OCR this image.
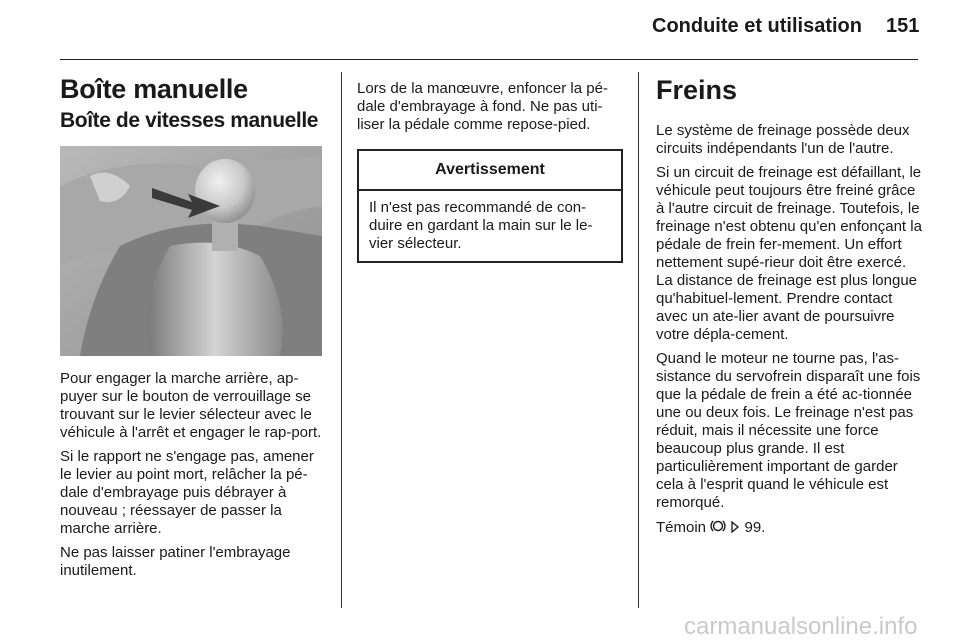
Conduite et utilisation 151
Boîte manuelle
Boîte de vitesses manuelle

Pour engager la marche arrière, ap-puyer sur le bouton de verrouillage se trouvant sur le levier sélecteur avec le véhicule à l'arrêt et engager le rap-port.

Si le rapport ne s'engage pas, amener le levier au point mort, relâcher la pé-dale d'embrayage puis débrayer à nouveau ; réessayer de passer la marche arrière.

Ne pas laisser patiner l'embrayage inutilement.

Lors de la manœuvre, enfoncer la pé-dale d'embrayage à fond. Ne pas uti-liser la pédale comme repose-pied.

Avertissement
Il n'est pas recommandé de con-duire en gardant la main sur le le-vier sélecteur.
Freins

Le système de freinage possède deux circuits indépendants l'un de l'autre.

Si un circuit de freinage est défaillant, le véhicule peut toujours être freiné grâce à l'autre circuit de freinage. Toutefois, le freinage n'est obtenu qu'en enfonçant la pédale de frein fer-mement. Un effort nettement supé-rieur doit être exercé. La distance de freinage est plus longue qu'habituel-lement. Prendre contact avec un ate-lier avant de poursuivre votre dépla-cement.

Quand le moteur ne tourne pas, l'as-sistance du servofrein disparaît une fois que la pédale de frein a été ac-tionnée une ou deux fois. Le freinage n'est pas réduit, mais il nécessite une force beaucoup plus grande. Il est particulièrement important de garder cela à l'esprit quand le véhicule est remorqué.

Témoin	99.

carmanualsonline.info
